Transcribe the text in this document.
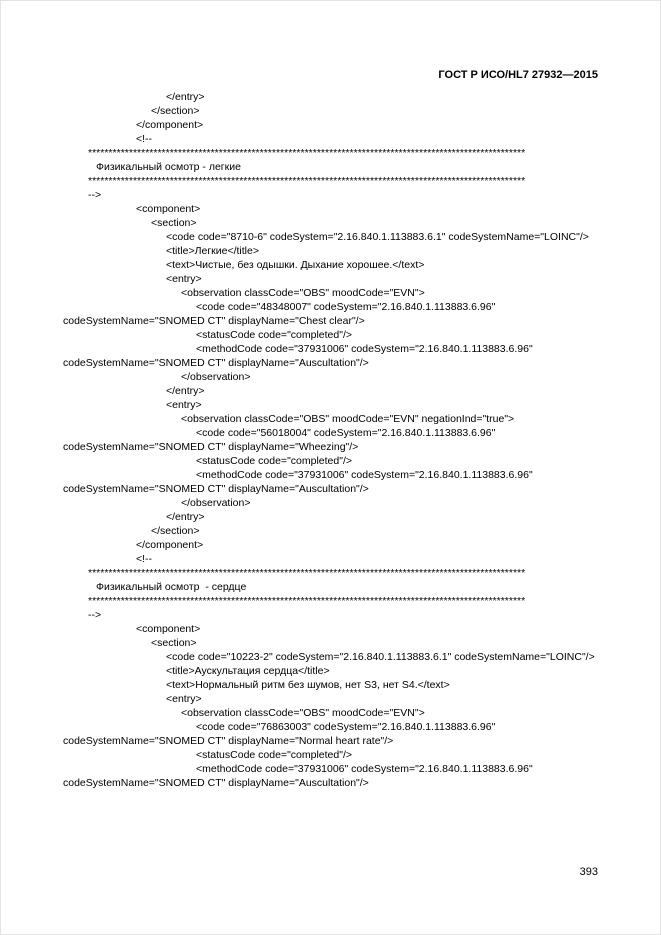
ГОСТ Р ИСО/HL7 27932—2015

</entry>
</section>
</component>
<!--
***********************************************************************************************************
Физикальный осмотр - легкие
***********************************************************************************************************
-->
<component>
<section>
<code code="8710-6" codeSystem="2.16.840.1.113883.6.1" codeSystemName="LOINC"/>
<title>Легкие</title>
<text>Чистые, без одышки. Дыхание хорошее.</text>
<entry>
<observation classCode="OBS" moodCode="EVN">
<code code="48348007" codeSystem="2.16.840.1.113883.6.96"
codeSystemName="SNOMED CT" displayName="Chest clear"/>
<statusCode code="completed"/>
<methodCode code="37931006" codeSystem="2.16.840.1.113883.6.96"
codeSystemName="SNOMED CT" displayName="Auscultation"/>
</observation>
</entry>
<entry>
<observation classCode="OBS" moodCode="EVN" negationInd="true">
<code code="56018004" codeSystem="2.16.840.1.113883.6.96"
codeSystemName="SNOMED CT" displayName="Wheezing"/>
<statusCode code="completed"/>
<methodCode code="37931006" codeSystem="2.16.840.1.113883.6.96"
codeSystemName="SNOMED CT" displayName="Auscultation"/>
</observation>
</entry>
</section>
</component>
<!--
***********************************************************************************************************
Физикальный осмотр  - сердце
***********************************************************************************************************
-->
<component>
<section>
<code code="10223-2" codeSystem="2.16.840.1.113883.6.1" codeSystemName="LOINC"/>
<title>Аускультация сердца</title>
<text>Нормальный ритм без шумов, нет S3, нет S4.</text>
<entry>
<observation classCode="OBS" moodCode="EVN">
<code code="76863003" codeSystem="2.16.840.1.113883.6.96"
codeSystemName="SNOMED CT" displayName="Normal heart rate"/>
<statusCode code="completed"/>
<methodCode code="37931006" codeSystem="2.16.840.1.113883.6.96"
codeSystemName="SNOMED CT" displayName="Auscultation"/>
393
